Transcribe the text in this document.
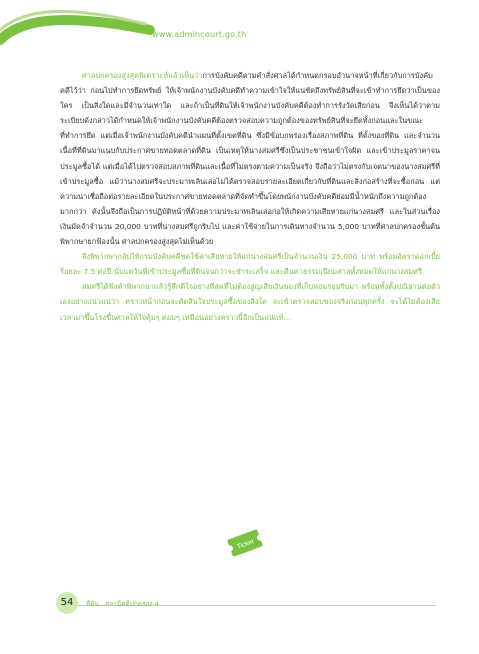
www.admincourt.go.th

ศาลปกครองสูงสุดพิเคราะห์แล้วเห็นว่าการบังคับคดีตามคำสั่งศาลได้กำหนดกรอบอำนาจหน้าที่เกี่ยวกับการบังคับคดีไว้ว่า ก่อนไปทำการยึดทรัพย์ ให้เจ้าพนักงานบังคับคดีทำความเข้าใจให้แน่ชัดถึงทรัพย์สินที่จะเข้าทำการยึดว่าเป็นของใคร เป็นสิ่งใดและมีจำนวนเท่าใด และถ้าเป็นที่ดินให้เจ้าพนักงานบังคับคดีต้องทำการรังวัดเสียก่อน จึงเห็นได้ว่าตามระเบียบดังกล่าวได้กำหนดให้เจ้าพนักงานบังคับคดีต้องตรวจสอบความถูกต้องของทรัพย์สินที่จะยึดทั้งก่อนและในขณะที่ทำการยึด แต่เมื่อเจ้าพนักงานบังคับคดีนำแผนที่ตั้งเขตที่ดิน ซึ่งมีข้อบกพร่องเรื่องสภาพที่ดิน ที่ตั้งของที่ดิน และจำนวนเนื้อที่ที่ดินมาแนบกับประกาศขายทอดตลาดที่ดิน เป็นเหตุให้นางสมศรีซึ่งเป็นประชาชนเข้าใจผิด และเข้าประมูลราคาจนประมูลซื้อได้ แต่เมื่อได้ไปตรวจสอบสภาพที่ดินและเนื้อที่ไม่ตรงตามความเป็นจริง จึงถือว่าไม่ตรงกับเจตนาของนางสมศรีที่เข้าประมูลซื้อ แม้ว่านางสมศรีจะประมาทเลินเล่อไม่ได้ตรวจสอบรายละเอียดเกี่ยวกับที่ดินและสิ่งก่อสร้างที่จะซื้อก่อน แต่ความน่าเชื่อถือต่อรายละเอียดในประกาศขายทอดตลาดที่จัดทำขึ้นโดยพนักงานบังคับคดีย่อมมีน้ำหนักถึงความถูกต้องมากกว่า ดังนั้นจึงถือเป็นการปฏิบัติหน้าที่ด้วยความประมาทเลินเล่อก่อให้เกิดความเสียหายแก่นางสมศรี และในส่วนเรื่องเงินมัดจำจำนวน 20,000 บาทที่นางสมศรีถูกริบไป และค่าใช้จ่ายในการเดินทางจำนวน 5,000 บาทที่ศาลปกครองชั้นต้นพิพากษายกฟ้องนั้น ศาลปกครองสูงสุดไม่เห็นด้วย

จึงพิพากษากลับให้กรมบังคับคดีชดใช้ค่าเสียหายให้แก่นางสมศรีเป็นจำนวนเงิน 25,000 บาท พร้อมอัตราดอกเบี้ยร้อยละ 7.5 ต่อปี นับแต่วันที่เข้าประมูลซื้อที่ดินจนกว่าจะชำระเสร็จ และคืนค่าธรรมเนียมศาลทั้งหมดให้แก่นางสมศรี

สมศรีได้ฟังคำพิพากษาแล้วรู้สึกดีใจอย่างที่สุดที่ไม่ต้องสูญเสียเงินของที่เก็บหอมรอมริบมา พร้อมทั้งตั้งปณิธานต่อตัวเองอย่างแน่วแน่ว่า คราวหน้าก่อนจะตัดสินใจประมูลซื้อของสิ่งใด จะเข้าตรวจสอบของจริงก่อนทุกครั้ง จะได้ไม่ต้องเสียเวลามาขึ้นโรงขึ้นศาลให้ใจตุ้มๆ ต่อมๆ เหมือนอย่างคราวนี้อีกเป็นแน่แท้...

Ticket
54	ที่ดิน...สถานีคดีปกครอง 4
